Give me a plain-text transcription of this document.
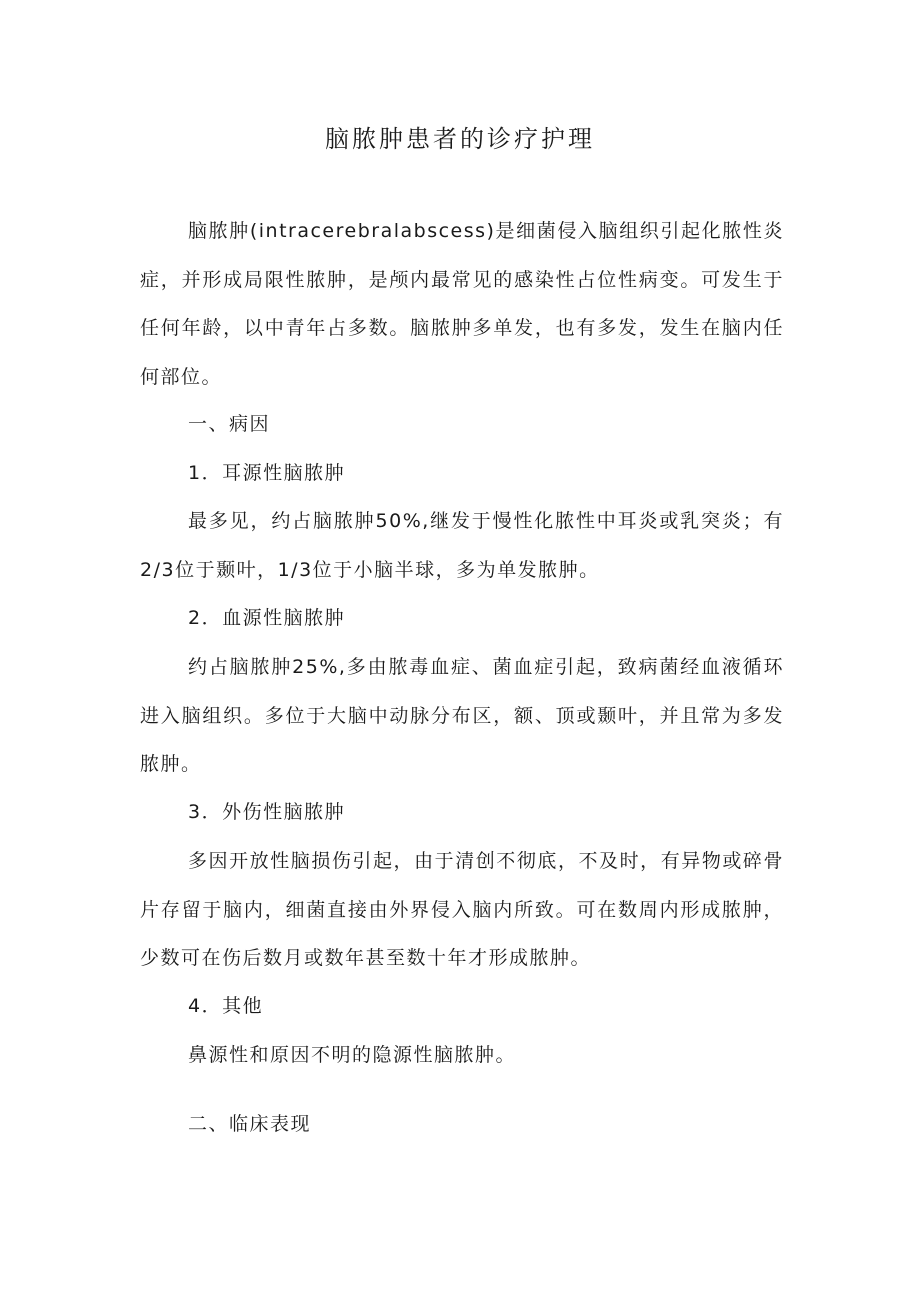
脑脓肿患者的诊疗护理

脑脓肿(intracerebralabscess)是细菌侵入脑组织引起化脓性炎症，并形成局限性脓肿，是颅内最常见的感染性占位性病变。可发生于任何年龄，以中青年占多数。脑脓肿多单发，也有多发，发生在脑内任何部位。

一、病因

1．耳源性脑脓肿

最多见，约占脑脓肿50%,继发于慢性化脓性中耳炎或乳突炎；有2/3位于颞叶，1/3位于小脑半球，多为单发脓肿。

2．血源性脑脓肿

约占脑脓肿25%,多由脓毒血症、菌血症引起，致病菌经血液循环进入脑组织。多位于大脑中动脉分布区，额、顶或颞叶，并且常为多发脓肿。

3．外伤性脑脓肿

多因开放性脑损伤引起，由于清创不彻底，不及时，有异物或碎骨片存留于脑内，细菌直接由外界侵入脑内所致。可在数周内形成脓肿，少数可在伤后数月或数年甚至数十年才形成脓肿。

4．其他

鼻源性和原因不明的隐源性脑脓肿。

二、临床表现
